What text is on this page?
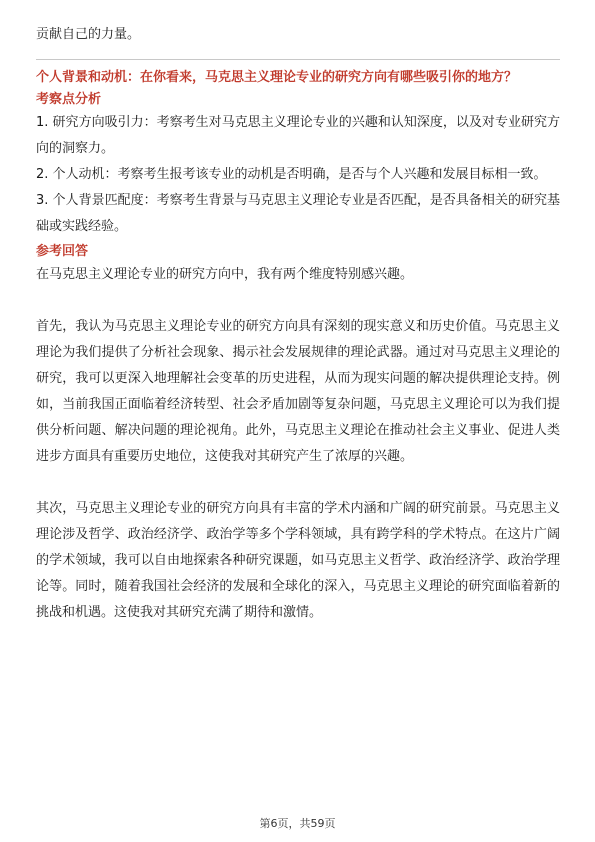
贡献自己的力量。

个人背景和动机：在你看来，马克思主义理论专业的研究方向有哪些吸引你的地方？

考察点分析

1. 研究方向吸引力：考察考生对马克思主义理论专业的兴趣和认知深度，以及对专业研究方向的洞察力。

2. 个人动机：考察考生报考该专业的动机是否明确，是否与个人兴趣和发展目标相一致。

3. 个人背景匹配度：考察考生背景与马克思主义理论专业是否匹配，是否具备相关的研究基础或实践经验。

参考回答

在马克思主义理论专业的研究方向中，我有两个维度特别感兴趣。

首先，我认为马克思主义理论专业的研究方向具有深刻的现实意义和历史价值。马克思主义理论为我们提供了分析社会现象、揭示社会发展规律的理论武器。通过对马克思主义理论的研究，我可以更深入地理解社会变革的历史进程，从而为现实问题的解决提供理论支持。例如，当前我国正面临着经济转型、社会矛盾加剧等复杂问题，马克思主义理论可以为我们提供分析问题、解决问题的理论视角。此外，马克思主义理论在推动社会主义事业、促进人类进步方面具有重要历史地位，这使我对其研究产生了浓厚的兴趣。

其次，马克思主义理论专业的研究方向具有丰富的学术内涵和广阔的研究前景。马克思主义理论涉及哲学、政治经济学、政治学等多个学科领域，具有跨学科的学术特点。在这片广阔的学术领域，我可以自由地探索各种研究课题，如马克思主义哲学、政治经济学、政治学理论等。同时，随着我国社会经济的发展和全球化的深入，马克思主义理论的研究面临着新的挑战和机遇。这使我对其研究充满了期待和激情。

第6页，共59页
